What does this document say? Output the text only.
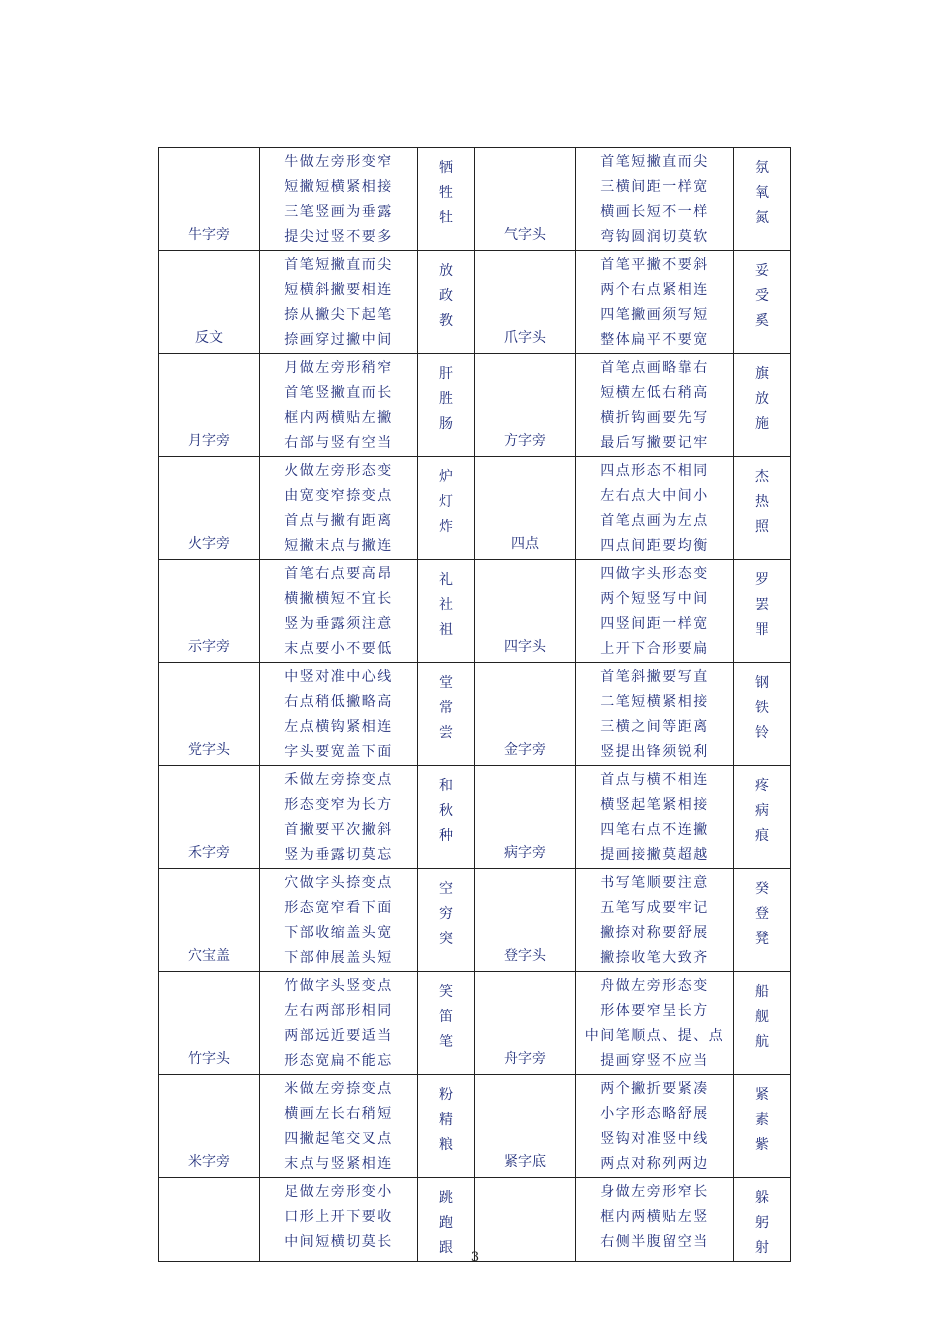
牛字旁	牛做左旁形变窄
短撇短横紧相接
三笔竖画为垂露
提尖过竖不要多	牺
牲
牡	气字头	首笔短撇直而尖
三横间距一样宽
横画长短不一样
弯钩圆润切莫软	氛
氧
氮

反文	首笔短撇直而尖
短横斜撇要相连
捺从撇尖下起笔
捺画穿过撇中间	放
政
教	爪字头	首笔平撇不要斜
两个右点紧相连
四笔撇画须写短
整体扁平不要宽	妥
受
奚

月字旁	月做左旁形稍窄
首笔竖撇直而长
框内两横贴左撇
右部与竖有空当	肝
胜
肠	方字旁	首笔点画略靠右
短横左低右稍高
横折钩画要先写
最后写撇要记牢	旗
放
施

火字旁	火做左旁形态变
由宽变窄捺变点
首点与撇有距离
短撇末点与撇连	炉
灯
炸	四点	四点形态不相同
左右点大中间小
首笔点画为左点
四点间距要均衡	杰
热
照

示字旁	首笔右点要高昂
横撇横短不宜长
竖为垂露须注意
末点要小不要低	礼
社
祖	四字头	四做字头形态变
两个短竖写中间
四竖间距一样宽
上开下合形要扁	罗
罢
罪

党字头	中竖对准中心线
右点稍低撇略高
左点横钩紧相连
字头要宽盖下面	堂
常
尝	金字旁	首笔斜撇要写直
二笔短横紧相接
三横之间等距离
竖提出锋须锐利	钢
铁
铃

禾字旁	禾做左旁捺变点
形态变窄为长方
首撇要平次撇斜
竖为垂露切莫忘	和
秋
种	病字旁	首点与横不相连
横竖起笔紧相接
四笔右点不连撇
提画接撇莫超越	疼
病
痕

穴宝盖	穴做字头捺变点
形态宽窄看下面
下部收缩盖头宽
下部伸展盖头短	空
穷
突	登字头	书写笔顺要注意
五笔写成要牢记
撇捺对称要舒展
撇捺收笔大致齐	癸
登
凳

竹字头	竹做字头竖变点
左右两部形相同
两部远近要适当
形态宽扁不能忘	笑
笛
笔	舟字旁	舟做左旁形态变
形体要窄呈长方
中间笔顺点、提、点
提画穿竖不应当	船
舰
航

米字旁	米做左旁捺变点
横画左长右稍短
四撇起笔交叉点
末点与竖紧相连	粉
精
粮	紧字底	两个撇折要紧凑
小字形态略舒展
竖钩对准竖中线
两点对称列两边	紧
素
紫

	足做左旁形变小
口形上开下要收
中间短横切莫长	跳
跑
跟		身做左旁形窄长
框内两横贴左竖
右侧半腹留空当	躲
躬
射
3
